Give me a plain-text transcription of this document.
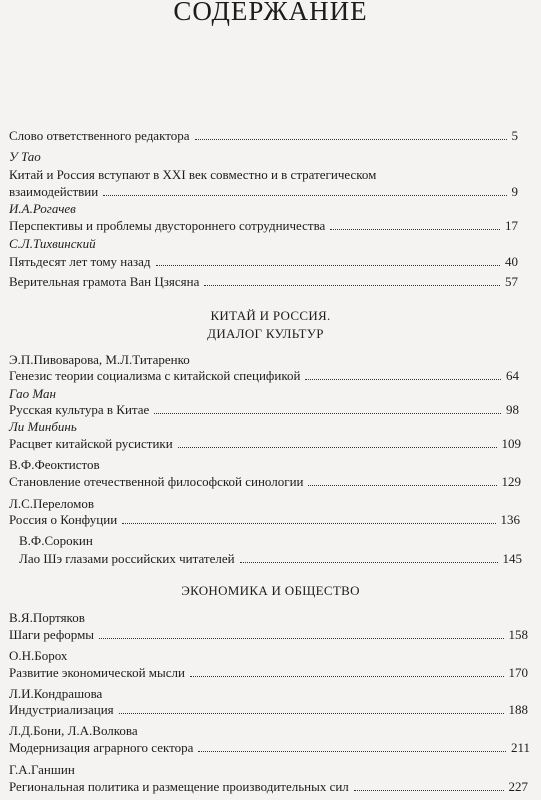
СОДЕРЖАНИЕ

Слово ответственного редактора	5
У Тао
Китай и Россия вступают в XXI век совместно и в стратегическом
взаимодействии	9
И.А.Рогачев
Перспективы и проблемы двустороннего сотрудничества	17
С.Л.Тихвинский
Пятьдесят лет тому назад	40
Верительная грамота Ван Цзясяна	57
КИТАЙ И РОССИЯ.
ДИАЛОГ КУЛЬТУР
Э.П.Пивоварова, М.Л.Титаренко
Генезис теории социализма с китайской спецификой	64
Гао Ман
Русская культура в Китае	98
Ли Минбинь
Расцвет китайской русистики	109
В.Ф.Феоктистов
Становление отечественной философской синологии	129
Л.С.Переломов
Россия о Конфуции	136
В.Ф.Сорокин
Лао Шэ глазами российских читателей	145
ЭКОНОМИКА И ОБЩЕСТВО
В.Я.Портяков
Шаги реформы	158
О.Н.Борох
Развитие экономической мысли	170
Л.И.Кондрашова
Индустриализация	188
Л.Д.Бони, Л.А.Волкова
Модернизация аграрного сектора	211
Г.А.Ганшин
Региональная политика и размещение производительных сил	227
